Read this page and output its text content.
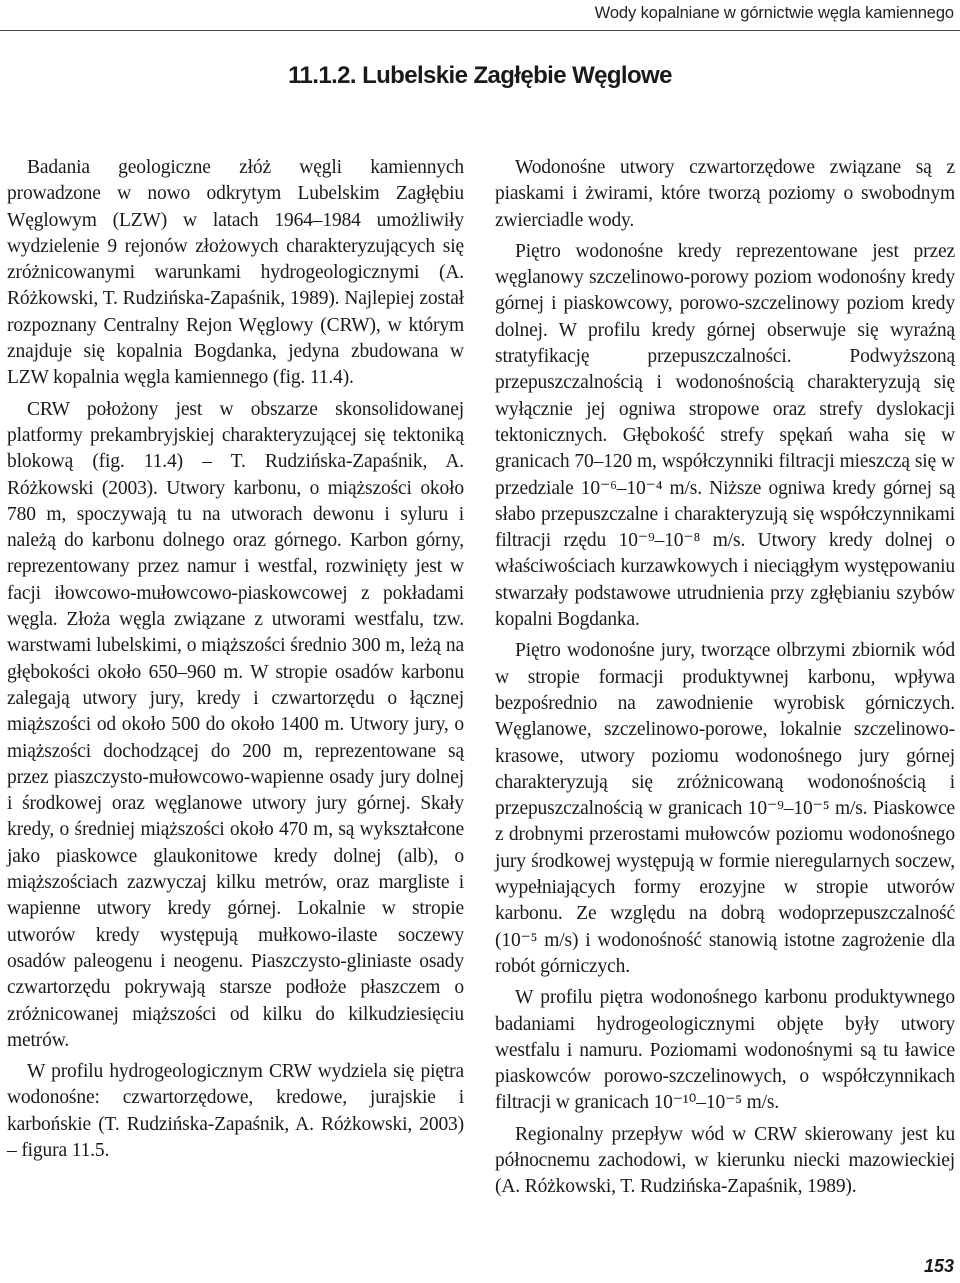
Wody kopalniane w górnictwie węgla kamiennego
11.1.2. Lubelskie Zagłębie Węglowe

Badania geologiczne złóż węgli kamiennych prowadzone w nowo odkrytym Lubelskim Zagłębiu Węglowym (LZW) w latach 1964–1984 umożliwiły wydzielenie 9 rejonów złożowych charakteryzujących się zróżnicowanymi warunkami hydrogeologicznymi (A. Różkowski, T. Rudzińska-Zapaśnik, 1989). Najlepiej został rozpoznany Centralny Rejon Węglowy (CRW), w którym znajduje się kopalnia Bogdanka, jedyna zbudowana w LZW kopalnia węgla kamiennego (fig. 11.4).

CRW położony jest w obszarze skonsolidowanej platformy prekambryjskiej charakteryzującej się tektoniką blokową (fig. 11.4) – T. Rudzińska-Zapaśnik, A. Różkowski (2003). Utwory karbonu, o miąższości około 780 m, spoczywają tu na utworach dewonu i syluru i należą do karbonu dolnego oraz górnego. Karbon górny, reprezentowany przez namur i westfal, rozwinięty jest w facji iłowcowo-mułowcowo-piaskowcowej z pokładami węgla. Złoża węgla związane z utworami westfalu, tzw. warstwami lubelskimi, o miąższości średnio 300 m, leżą na głębokości około 650–960 m. W stropie osadów karbonu zalegają utwory jury, kredy i czwartorzędu o łącznej miąższości od około 500 do około 1400 m. Utwory jury, o miąższości dochodzącej do 200 m, reprezentowane są przez piaszczysto-mułowcowo-wapienne osady jury dolnej i środkowej oraz węglanowe utwory jury górnej. Skały kredy, o średniej miąższości około 470 m, są wykształcone jako piaskowce glaukonitowe kredy dolnej (alb), o miąższościach zazwyczaj kilku metrów, oraz margliste i wapienne utwory kredy górnej. Lokalnie w stropie utworów kredy występują mułkowo-ilaste soczewy osadów paleogenu i neogenu. Piaszczysto-gliniaste osady czwartorzędu pokrywają starsze podłoże płaszczem o zróżnicowanej miąższości od kilku do kilkudziesięciu metrów.

W profilu hydrogeologicznym CRW wydziela się piętra wodonośne: czwartorzędowe, kredowe, jurajskie i karbońskie (T. Rudzińska-Zapaśnik, A. Różkowski, 2003) – figura 11.5.

Wodonośne utwory czwartorzędowe związane są z piaskami i żwirami, które tworzą poziomy o swobodnym zwierciadle wody.

Piętro wodonośne kredy reprezentowane jest przez węglanowy szczelinowo-porowy poziom wodonośny kredy górnej i piaskowcowy, porowo-szczelinowy poziom kredy dolnej. W profilu kredy górnej obserwuje się wyraźną stratyfikację przepuszczalności. Podwyższoną przepuszczalnością i wodonośnością charakteryzują się wyłącznie jej ogniwa stropowe oraz strefy dyslokacji tektonicznych. Głębokość strefy spękań waha się w granicach 70–120 m, współczynniki filtracji mieszczą się w przedziale 10⁻⁶–10⁻⁴ m/s. Niższe ogniwa kredy górnej są słabo przepuszczalne i charakteryzują się współczynnikami filtracji rzędu 10⁻⁹–10⁻⁸ m/s. Utwory kredy dolnej o właściwościach kurzawkowych i nieciągłym występowaniu stwarzały podstawowe utrudnienia przy zgłębianiu szybów kopalni Bogdanka.

Piętro wodonośne jury, tworzące olbrzymi zbiornik wód w stropie formacji produktywnej karbonu, wpływa bezpośrednio na zawodnienie wyrobisk górniczych. Węglanowe, szczelinowo-porowe, lokalnie szczelinowo-krasowe, utwory poziomu wodonośnego jury górnej charakteryzują się zróżnicowaną wodonośnością i przepuszczalnością w granicach 10⁻⁹–10⁻⁵ m/s. Piaskowce z drobnymi przerostami mułowców poziomu wodonośnego jury środkowej występują w formie nieregularnych soczew, wypełniających formy erozyjne w stropie utworów karbonu. Ze względu na dobrą wodoprzepuszczalność (10⁻⁵ m/s) i wodonośność stanowią istotne zagrożenie dla robót górniczych.

W profilu piętra wodonośnego karbonu produktywnego badaniami hydrogeologicznymi objęte były utwory westfalu i namuru. Poziomami wodonośnymi są tu ławice piaskowców porowo-szczelinowych, o współczynnikach filtracji w granicach 10⁻¹⁰–10⁻⁵ m/s.

Regionalny przepływ wód w CRW skierowany jest ku północnemu zachodowi, w kierunku niecki mazowieckiej (A. Różkowski, T. Rudzińska-Zapaśnik, 1989).

153
